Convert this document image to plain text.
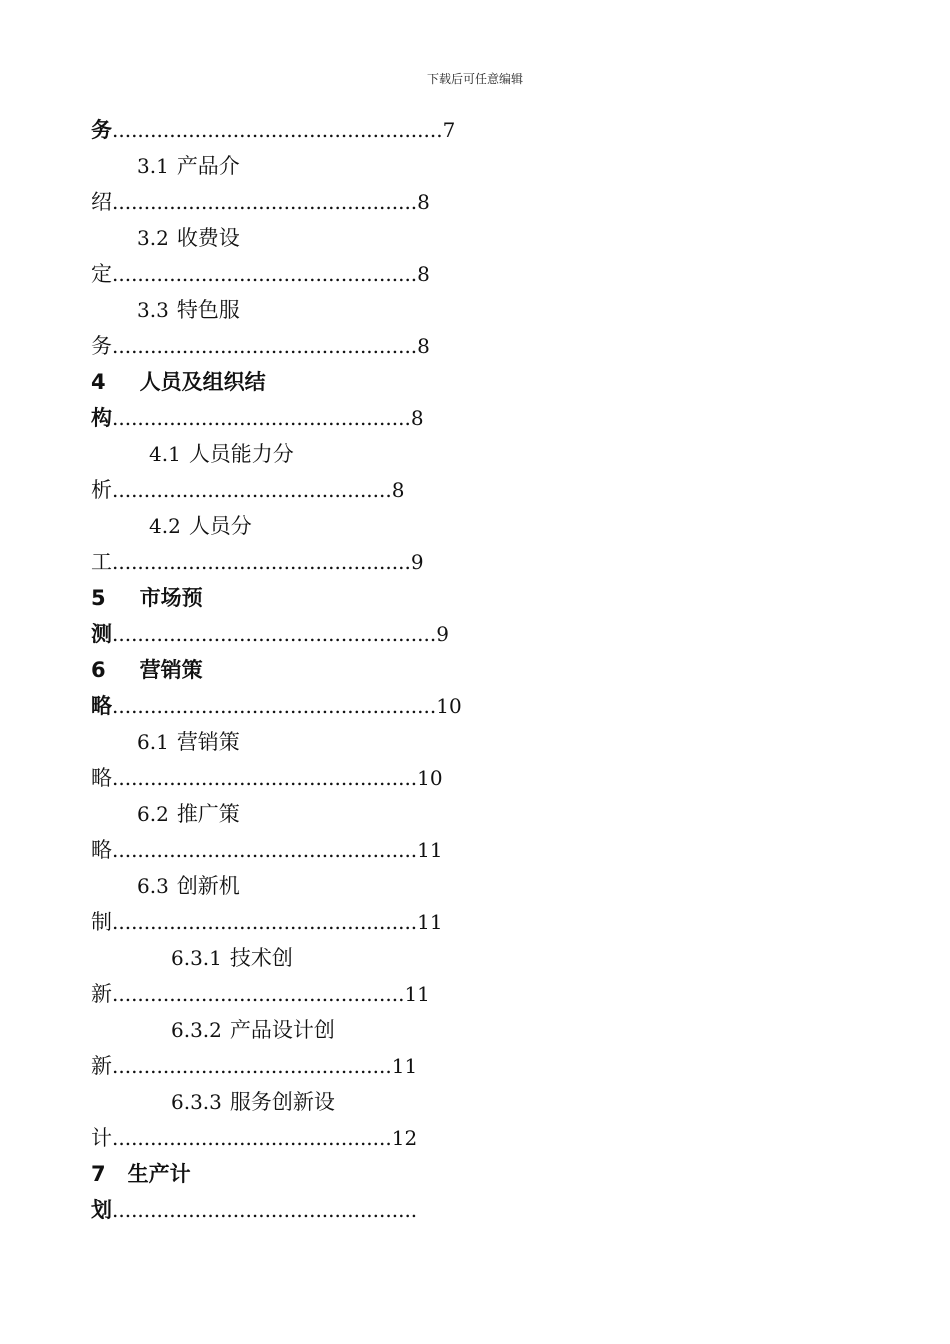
下载后可任意编辑
务....................................................7
3.1 产品介
绍................................................8
3.2 收费设
定................................................8
3.3 特色服
务................................................8
4 人员及组织结
构...............................................8
4.1 人员能力分
析............................................8
4.2 人员分
工...............................................9
5 市场预
测...................................................9
6 营销策
略...................................................10
6.1 营销策
略................................................10
6.2 推广策
略................................................11
6.3 创新机
制................................................11
6.3.1 技术创
新..............................................11
6.3.2 产品设计创
新............................................11
6.3.3 服务创新设
计............................................12
7 生产计
划................................................
